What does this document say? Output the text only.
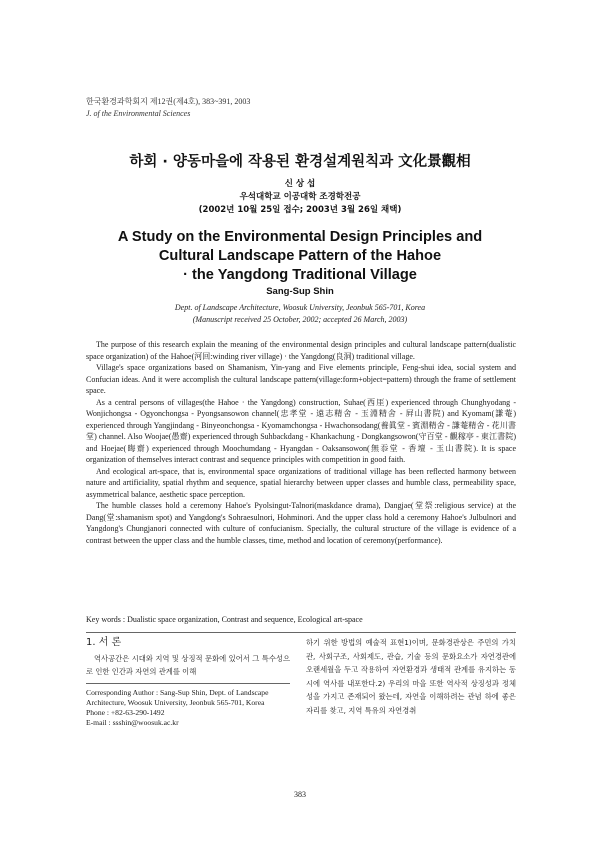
한국환경과학회지 제12권(제4호), 383~391, 2003
J. of the Environmental Sciences
하회 · 양동마을에 작용된 환경설계원칙과 文化景觀相
신 상 섭
우석대학교 이공대학 조경학전공
(2002년 10월 25일 접수; 2003년 3월 26일 채택)
A Study on the Environmental Design Principles and
Cultural Landscape Pattern of the Hahoe
· the Yangdong Traditional Village
Sang-Sup Shin
Dept. of Landscape Architecture, Woosuk University, Jeonbuk 565-701, Korea
(Manuscript received 25 October, 2002; accepted 26 March, 2003)

The purpose of this research explain the meaning of the environmental design principles and cultural landscape pattern(dualistic space organization) of the Hahoe(河回:winding river village) · the Yangdong(良洞) traditional village.

Village's space organizations based on Shamanism, Yin-yang and Five elements principle, Feng-shui idea, social system and Confucian ideas. And it were accomplish the cultural landscape pattern(village:form+object=pattern) through the frame of settlement space.

As a central persons of villages(the Hahoe · the Yangdong) construction, Suhae(西厓) experienced through Chunghyodang - Wonjichongsa - Ogyonchongsa - Pyongsansowon channel(忠孝堂 - 遠志精舍 - 玉淵精舍 - 屛山書院) and Kyomam(謙菴) experienced through Yangjindang - Binyeonchongsa - Kyomamchongsa - Hwachonsodang(養眞堂 - 賓淵精舍 - 謙菴精舍 - 花川書堂) channel. Also Woojae(愚齋) experienced through Suhbackdang - Khankachung - Dongkangsowon(守百堂 - 觀稼亭 - 東江書院) and Hoejae(晦齋) experienced through Moochumdang - Hyangdan - Oaksansowon(無忝堂 - 香壇 - 玉山書院). It is space organization of themselves interact contrast and sequence principles with competition in good faith.

And ecological art-space, that is, environmental space organizations of traditional village has been reflected harmony between nature and artificiality, spatial rhythm and sequence, spatial hierarchy between upper classes and humble class, permeability space, asymmetrical balance, aesthetic space perception.

The humble classes hold a ceremony Hahoe's Pyolsingut-Talnori(maskdance drama), Dangjae(堂祭:religious service) at the Dang(堂:shamanism spot) and Yangdong's Sohraesulnori, Hohminori. And the upper class hold a ceremony Hahoe's Julbulnori and Yangdong's Chungjanori connected with culture of confucianism. Specially, the cultural structure of the village is evidence of a contrast between the upper class and the humble classes, time, method and location of ceremony(performance).

Key words : Dualistic space organization, Contrast and sequence, Ecological art-space
1. 서 론
역사공간은 시대와 지역 및 상징적 문화에 있어서 그 특수성으로 인한 인간과 자연의 관계를 이해
하기 위한 방법의 예술적 표현1)이며, 문화경관상은 주민의 가치관, 사회구조, 사회제도, 관습, 기술 등의 문화요소가 자연경관에 오랜세월을 두고 작용하여 자연환경과 생태적 관계를 유지하는 동시에 역사를 내포한다.2) 우리의 마을 또한 역사적 상징성과 정체성을 가지고 존재되어 왔는데, 자연을 이해하려는 관념 하에 좋은 자리를 찾고, 지역 특유의 자연경취
Corresponding Author : Sang-Sup Shin, Dept. of Landscape Architecture, Woosuk University, Jeonbuk 565-701, Korea
Phone : +82-63-290-1492
E-mail : ssshin@woosuk.ac.kr
383
